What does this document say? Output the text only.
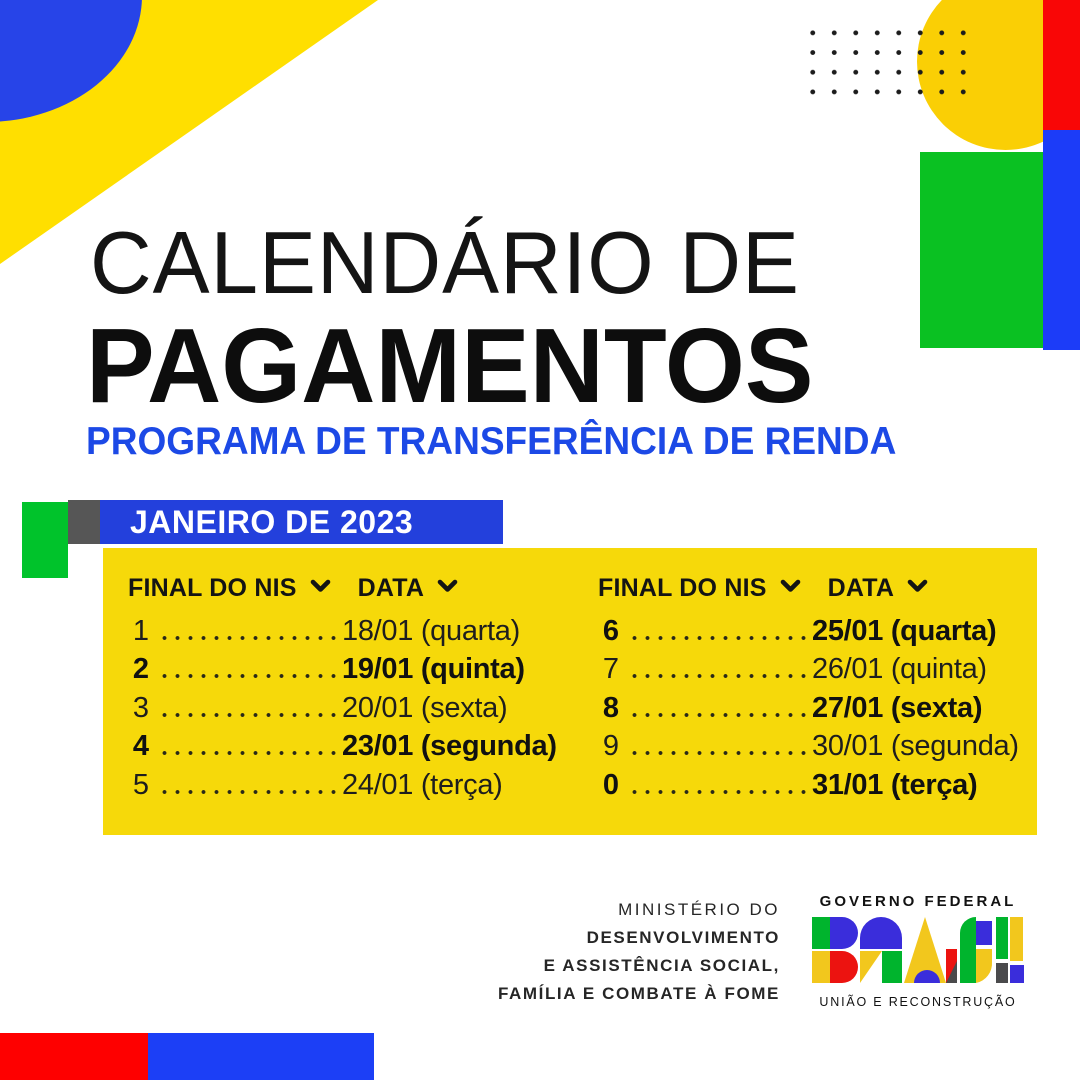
CALENDÁRIO DE
PAGAMENTOS
PROGRAMA DE TRANSFERÊNCIA DE RENDA
JANEIRO DE 2023
FINAL DO NIS DATA
1	18/01 (quarta)
2	19/01 (quinta)
3	20/01 (sexta)
4	23/01 (segunda)
5	24/01 (terça)
FINAL DO NIS DATA
6	25/01 (quarta)
7	26/01 (quinta)
8	27/01 (sexta)
9	30/01 (segunda)
0	31/01 (terça)
MINISTÉRIO DO
DESENVOLVIMENTO
E ASSISTÊNCIA SOCIAL,
FAMÍLIA E COMBATE À FOME
GOVERNO FEDERAL
UNIÃO E RECONSTRUÇÃO
